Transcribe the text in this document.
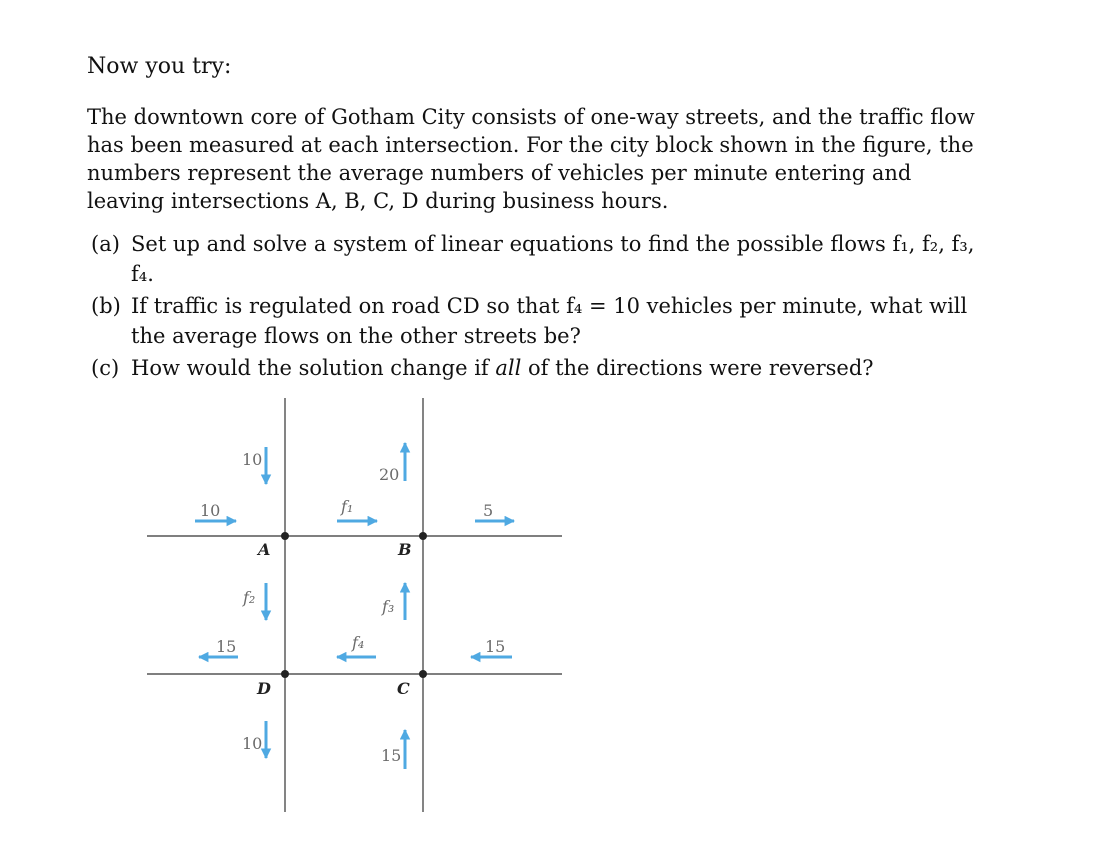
Now you try:

The downtown core of Gotham City consists of one-way streets, and the traffic flow has been measured at each intersection. For the city block shown in the figure, the numbers represent the average numbers of vehicles per minute entering and leaving intersections A, B, C, D during business hours.

(a) Set up and solve a system of linear equations to find the possible flows f₁, f₂, f₃, f₄.
(b) If traffic is regulated on road CD so that f₄ = 10 vehicles per minute, what will the average flows on the other streets be?
(c) How would the solution change if all of the directions were reversed?
A	B
C
D
10
10
f₁
20
5
f₂	f₃
15	f₄	15
10
15
